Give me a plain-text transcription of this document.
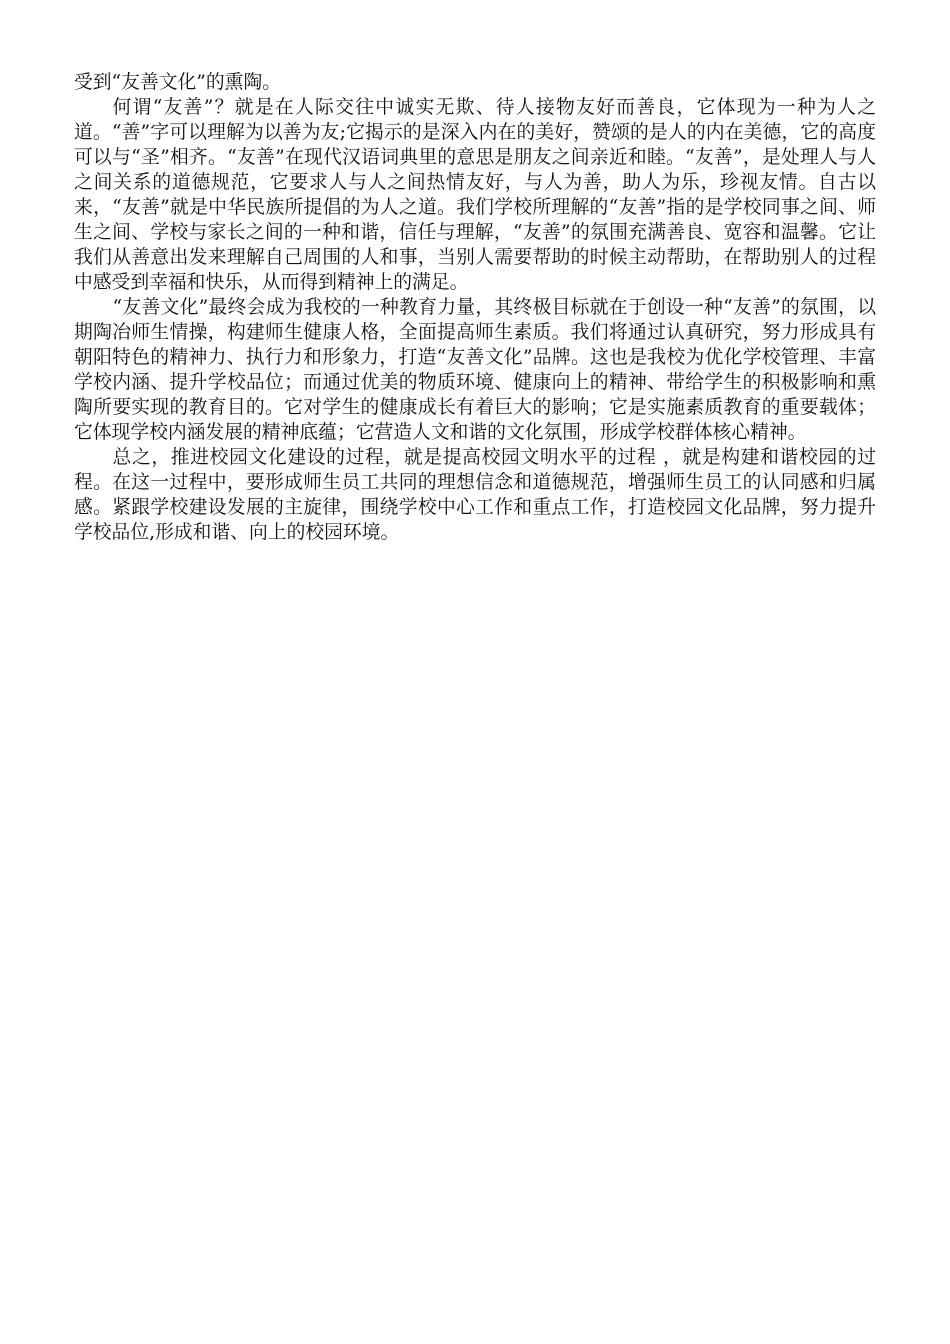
受到“友善文化”的熏陶。

何谓“友善”？就是在人际交往中诚实无欺、待人接物友好而善良，它体现为一种为人之道。“善”字可以理解为以善为友;它揭示的是深入内在的美好，赞颂的是人的内在美德，它的高度可以与“圣”相齐。“友善”在现代汉语词典里的意思是朋友之间亲近和睦。“友善”，是处理人与人之间关系的道德规范，它要求人与人之间热情友好，与人为善，助人为乐，珍视友情。自古以来，“友善”就是中华民族所提倡的为人之道。我们学校所理解的“友善”指的是学校同事之间、师生之间、学校与家长之间的一种和谐，信任与理解，“友善”的氛围充满善良、宽容和温馨。它让我们从善意出发来理解自己周围的人和事，当别人需要帮助的时候主动帮助，在帮助别人的过程中感受到幸福和快乐，从而得到精神上的满足。

“友善文化”最终会成为我校的一种教育力量，其终极目标就在于创设一种“友善”的氛围，以期陶冶师生情操，构建师生健康人格，全面提高师生素质。我们将通过认真研究，努力形成具有朝阳特色的精神力、执行力和形象力，打造“友善文化”品牌。这也是我校为优化学校管理、丰富学校内涵、提升学校品位；而通过优美的物质环境、健康向上的精神、带给学生的积极影响和熏陶所要实现的教育目的。它对学生的健康成长有着巨大的影响；它是实施素质教育的重要载体；它体现学校内涵发展的精神底蕴；它营造人文和谐的文化氛围，形成学校群体核心精神。

总之，推进校园文化建设的过程，就是提高校园文明水平的过程 ，就是构建和谐校园的过程。在这一过程中，要形成师生员工共同的理想信念和道德规范，增强师生员工的认同感和归属感。紧跟学校建设发展的主旋律，围绕学校中心工作和重点工作，打造校园文化品牌，努力提升学校品位,形成和谐、向上的校园环境。
